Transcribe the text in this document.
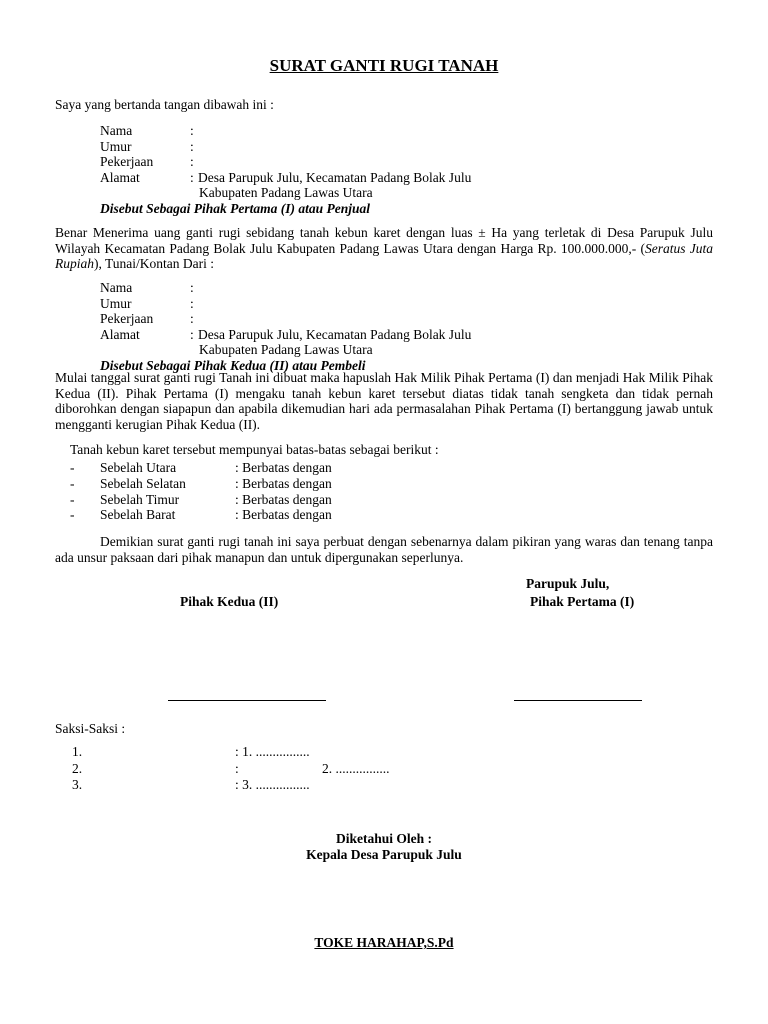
SURAT GANTI RUGI TANAH
Saya yang bertanda tangan dibawah ini :
Nama	:
Umur	:
Pekerjaan	:
Alamat	: Desa Parupuk Julu, Kecamatan Padang Bolak Julu
Kabupaten Padang Lawas Utara
Disebut Sebagai Pihak Pertama (I) atau Penjual
Benar Menerima uang ganti rugi sebidang tanah kebun karet dengan luas ± Ha yang terletak di Desa Parupuk Julu Wilayah Kecamatan Padang Bolak Julu Kabupaten Padang Lawas Utara dengan Harga Rp. 100.000.000,- (Seratus Juta Rupiah), Tunai/Kontan Dari :
Nama	:
Umur	:
Pekerjaan	:
Alamat	: Desa Parupuk Julu, Kecamatan Padang Bolak Julu
Kabupaten Padang Lawas Utara
Disebut Sebagai Pihak Kedua (II) atau Pembeli
Mulai tanggal surat ganti rugi Tanah ini dibuat maka hapuslah Hak Milik Pihak Pertama (I) dan menjadi Hak Milik Pihak Kedua (II). Pihak Pertama (I) mengaku tanah kebun karet tersebut diatas tidak tanah sengketa dan tidak pernah diborohkan dengan siapapun dan apabila dikemudian hari ada permasalahan Pihak Pertama (I) bertanggung jawab untuk mengganti kerugian Pihak Kedua (II).
Tanah kebun karet tersebut mempunyai batas-batas sebagai berikut :
- Sebelah Utara	: Berbatas dengan
- Sebelah Selatan	: Berbatas dengan
- Sebelah Timur	: Berbatas dengan
- Sebelah Barat	: Berbatas dengan
Demikian surat ganti rugi tanah ini saya perbuat dengan sebenarnya dalam pikiran yang waras dan tenang tanpa ada unsur paksaan dari pihak manapun dan untuk dipergunakan seperlunya.
Parupuk Julu,
Pihak Kedua (II)	Pihak Pertama (I)
Saksi-Saksi :
1.	: 1. ................
2.	:	2. ................
3.	: 3. ................
Diketahui Oleh :
Kepala Desa Parupuk Julu
TOKE HARAHAP,S.Pd
